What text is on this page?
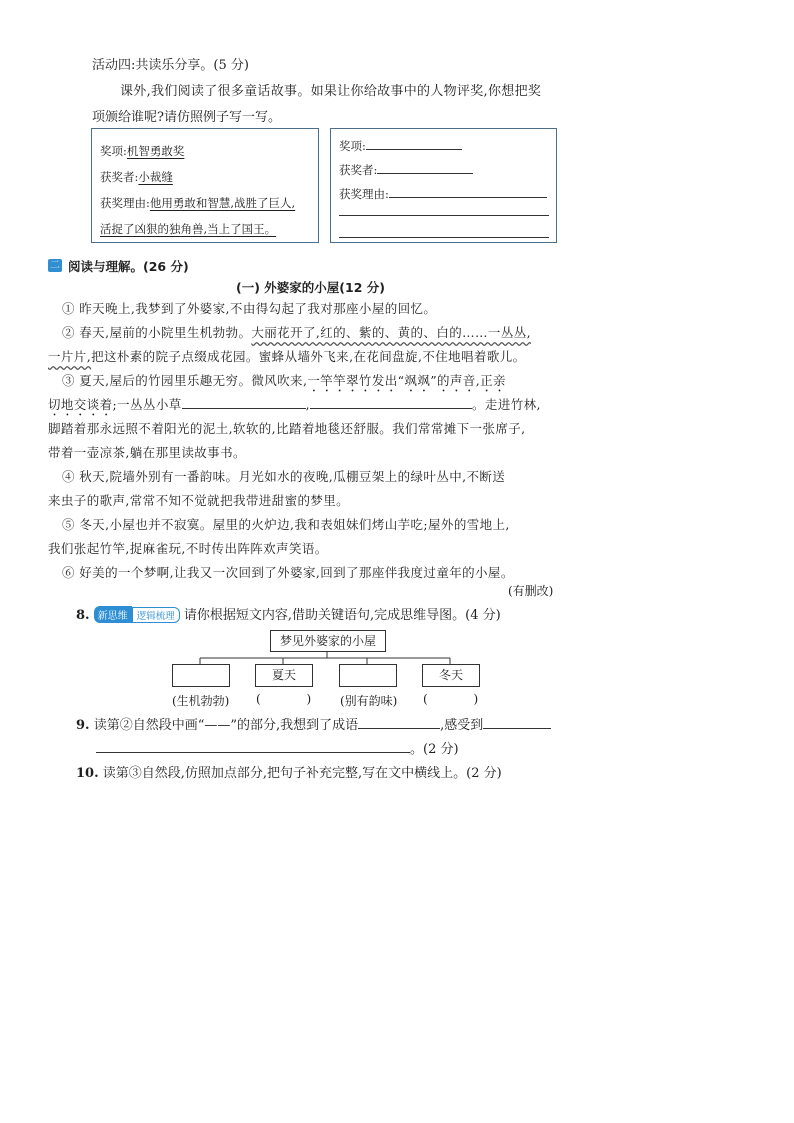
活动四:共读乐分享。(5 分)
课外,我们阅读了很多童话故事。如果让你给故事中的人物评奖,你想把奖
项颁给谁呢?请仿照例子写一写。
奖项:机智勇敢奖
获奖者:小裁缝
获奖理由:他用勇敢和智慧,战胜了巨人,
活捉了凶狠的独角兽,当上了国王。
奖项:
获奖者:
获奖理由:
二 阅读与理解。(26 分)
(一) 外婆家的小屋(12 分)
① 昨天晚上,我梦到了外婆家,不由得勾起了我对那座小屋的回忆。
② 春天,屋前的小院里生机勃勃。大丽花开了,红的、紫的、黄的、白的……一丛丛,
一片片,把这朴素的院子点缀成花园。蜜蜂从墙外飞来,在花间盘旋,不住地唱着歌儿。
③ 夏天,屋后的竹园里乐趣无穷。微风吹来,一竿竿翠竹发出“飒飒”的声音,正亲
切地交谈着;一丛丛小草	,	。走进竹林,
脚踏着那永远照不着阳光的泥土,软软的,比踏着地毯还舒服。我们常常摊下一张席子,
带着一壶凉茶,躺在那里读故事书。
④ 秋天,院墙外别有一番韵味。月光如水的夜晚,瓜棚豆架上的绿叶丛中,不断送
来虫子的歌声,常常不知不觉就把我带进甜蜜的梦里。
⑤ 冬天,小屋也并不寂寞。屋里的火炉边,我和表姐妹们烤山芋吃;屋外的雪地上,
我们张起竹竿,捉麻雀玩,不时传出阵阵欢声笑语。
⑥ 好美的一个梦啊,让我又一次回到了外婆家,回到了那座伴我度过童年的小屋。
(有删改)
8. 新思维 逻辑梳理 请你根据短文内容,借助关键语句,完成思维导图。(4 分)
梦见外婆家的小屋
夏天	冬天
(生机勃勃) (            ) (别有韵味) (            )
9. 读第②自然段中画“——”的部分,我想到了成语	,感受到
。(2 分)
10. 读第③自然段,仿照加点部分,把句子补充完整,写在文中横线上。(2 分)
